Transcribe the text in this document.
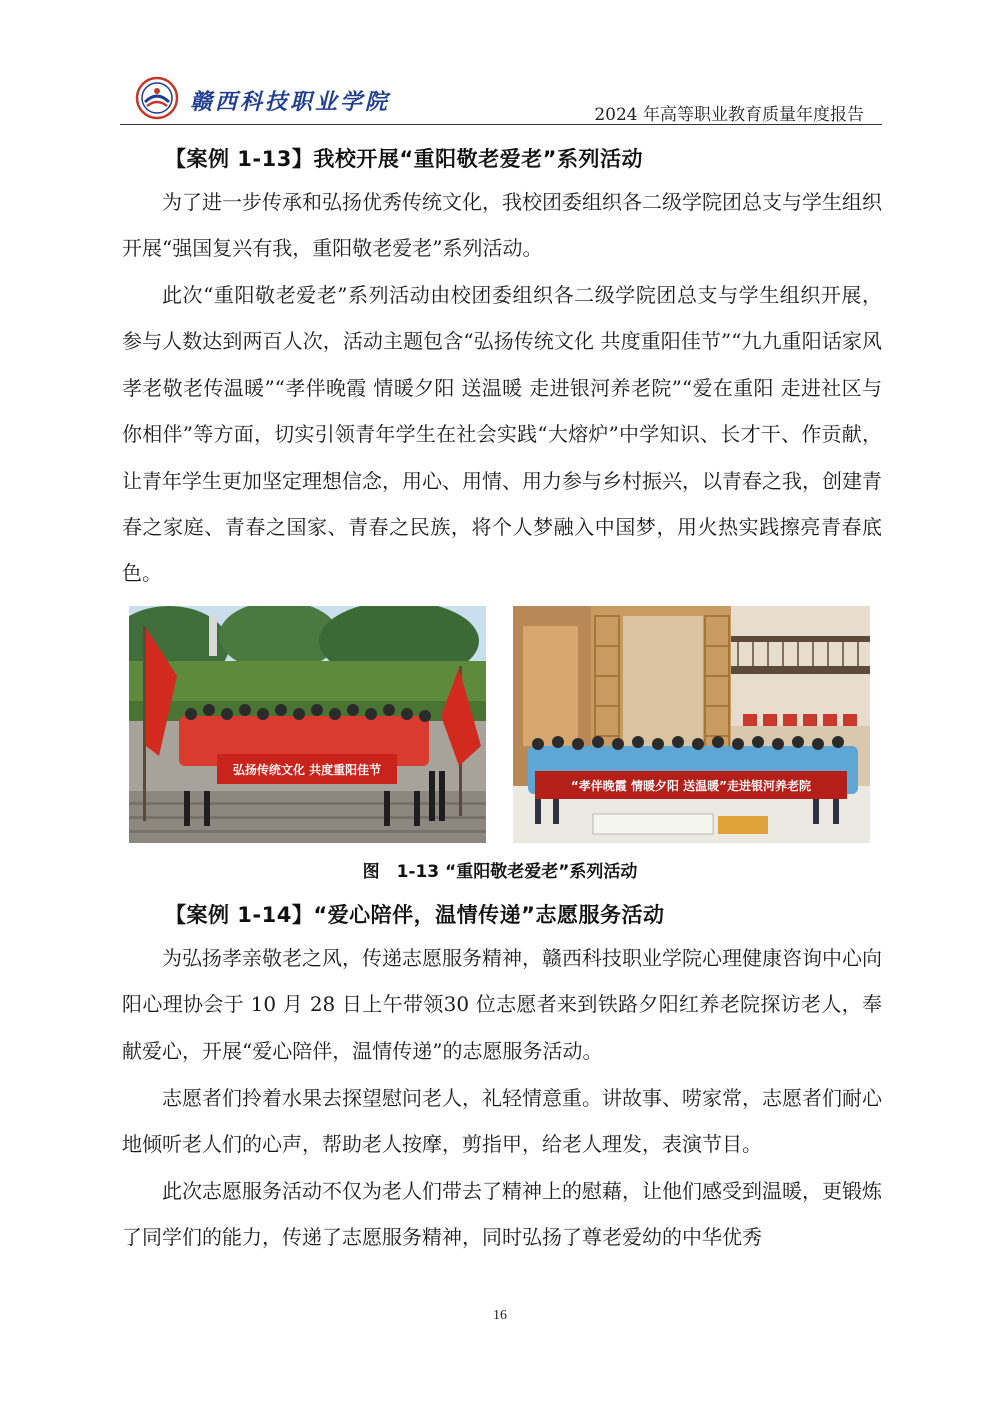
赣西科技职业学院	2024 年高等职业教育质量年度报告
【案例 1-13】我校开展“重阳敬老爱老”系列活动

为了进一步传承和弘扬优秀传统文化，我校团委组织各二级学院团总支与学生组织开展“强国复兴有我，重阳敬老爱老”系列活动。

此次“重阳敬老爱老”系列活动由校团委组织各二级学院团总支与学生组织开展，参与人数达到两百人次，活动主题包含“弘扬传统文化 共度重阳佳节”“九九重阳话家风 孝老敬老传温暖”“孝伴晚霞 情暖夕阳 送温暖 走进银河养老院”“爱在重阳 走进社区与你相伴”等方面，切实引领青年学生在社会实践“大熔炉”中学知识、长才干、作贡献，让青年学生更加坚定理想信念，用心、用情、用力参与乡村振兴，以青春之我，创建青春之家庭、青春之国家、青春之民族，将个人梦融入中国梦，用火热实践擦亮青春底色。

弘扬传统文化 共度重阳佳节
“孝伴晚霞 情暖夕阳 送温暖”走进银河养老院
图　1-13 “重阳敬老爱老”系列活动
【案例 1-14】“爱心陪伴，温情传递”志愿服务活动

为弘扬孝亲敬老之风，传递志愿服务精神，赣西科技职业学院心理健康咨询中心向阳心理协会于 10 月 28 日上午带领30 位志愿者来到铁路夕阳红养老院探访老人，奉献爱心，开展“爱心陪伴，温情传递”的志愿服务活动。

志愿者们拎着水果去探望慰问老人，礼轻情意重。讲故事、唠家常，志愿者们耐心地倾听老人们的心声，帮助老人按摩，剪指甲，给老人理发，表演节目。

此次志愿服务活动不仅为老人们带去了精神上的慰藉，让他们感受到温暖，更锻炼了同学们的能力，传递了志愿服务精神，同时弘扬了尊老爱幼的中华优秀

16
